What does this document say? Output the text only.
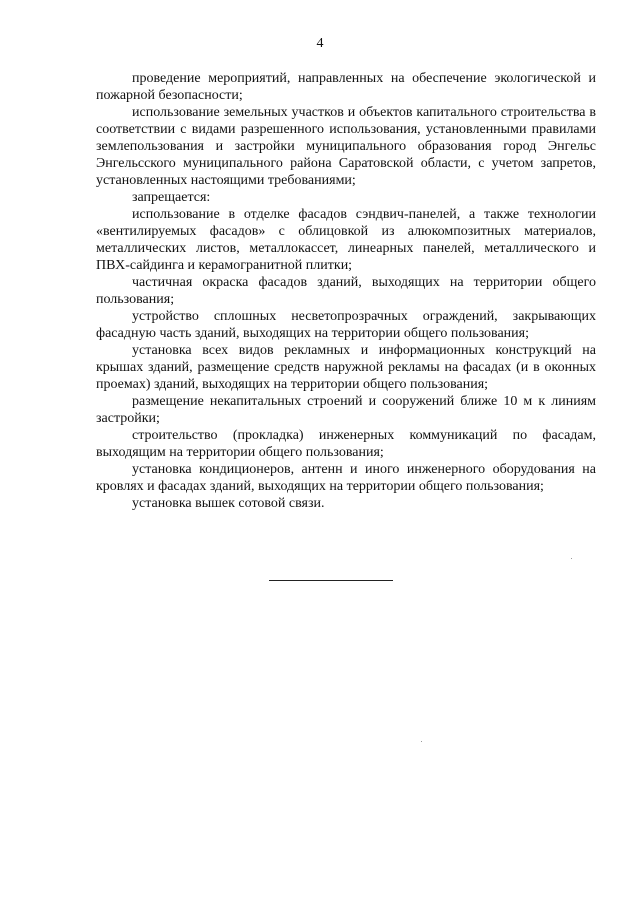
4

проведение мероприятий, направленных на обеспечение экологической и пожарной безопасности;

использование земельных участков и объектов капитального строительства в соответствии с видами разрешенного использования, установленными правилами землепользования и застройки муниципального образования город Энгельс Энгельсского муниципального района Саратовской области, с учетом запретов, установленных настоящими требованиями;

запрещается:

использование в отделке фасадов сэндвич-панелей, а также технологии «вентилируемых фасадов» с облицовкой из алюкомпозитных материалов, металлических листов, металлокассет, линеарных панелей, металлического и ПВХ-сайдинга и керамогранитной плитки;

частичная окраска фасадов зданий, выходящих на территории общего пользования;

устройство сплошных несветопрозрачных ограждений, закрывающих фасадную часть зданий, выходящих на территории общего пользования;

установка всех видов рекламных и информационных конструкций на крышах зданий, размещение средств наружной рекламы на фасадах (и в оконных проемах) зданий, выходящих на территории общего пользования;

размещение некапитальных строений и сооружений ближе 10 м к линиям застройки;

строительство (прокладка) инженерных коммуникаций по фасадам, выходящим на территории общего пользования;

установка кондиционеров, антенн и иного инженерного оборудования на кровлях и фасадах зданий, выходящих на территории общего пользования;

установка вышек сотовой связи.
